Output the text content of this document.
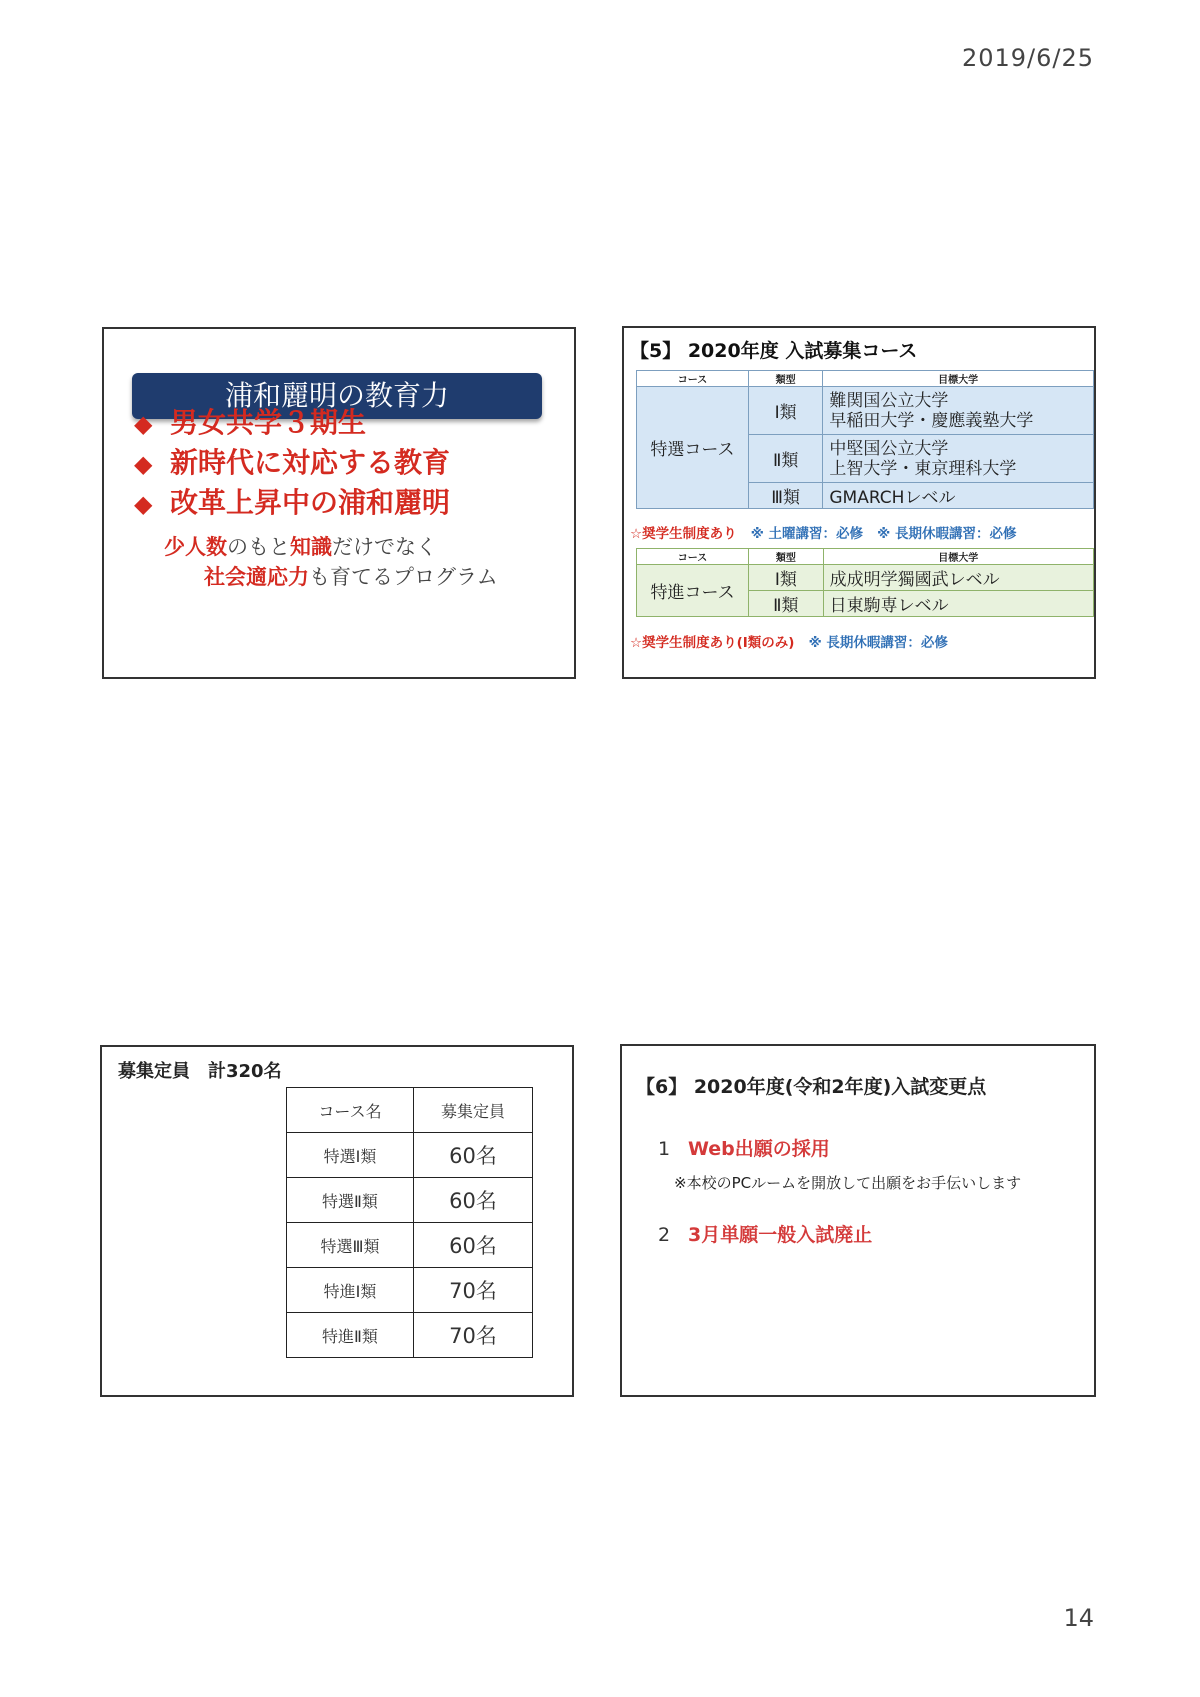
2019/6/25
浦和麗明の教育力
◆ 男女共学３期生
◆ 新時代に対応する教育
◆ 改革上昇中の浦和麗明
少人数のもと知識だけでなく
社会適応力も育てるプログラム
【5】 2020年度 入試募集コース
コース	類型	目標大学
特選コース	Ⅰ類	難関国公立大学
早稲田大学・慶應義塾大学

	Ⅱ類	中堅国公立大学
上智大学・東京理科大学

	Ⅲ類	GMARCHレベル
☆奨学生制度あり ※ 土曜講習：必修 ※ 長期休暇講習：必修
コース	類型	目標大学
特進コース	Ⅰ類	成成明学獨國武レベル
	Ⅱ類	日東駒専レベル
☆奨学生制度あり(Ⅰ類のみ) ※ 長期休暇講習：必修
募集定員　計320名
コース名	募集定員
特選Ⅰ類	60名
特選Ⅱ類	60名
特選Ⅲ類	60名
特進Ⅰ類	70名
特進Ⅱ類	70名
【6】 2020年度(令和2年度)入試変更点
1 Web出願の採用
※本校のPCルームを開放して出願をお手伝いします
2 3月単願一般入試廃止
14
